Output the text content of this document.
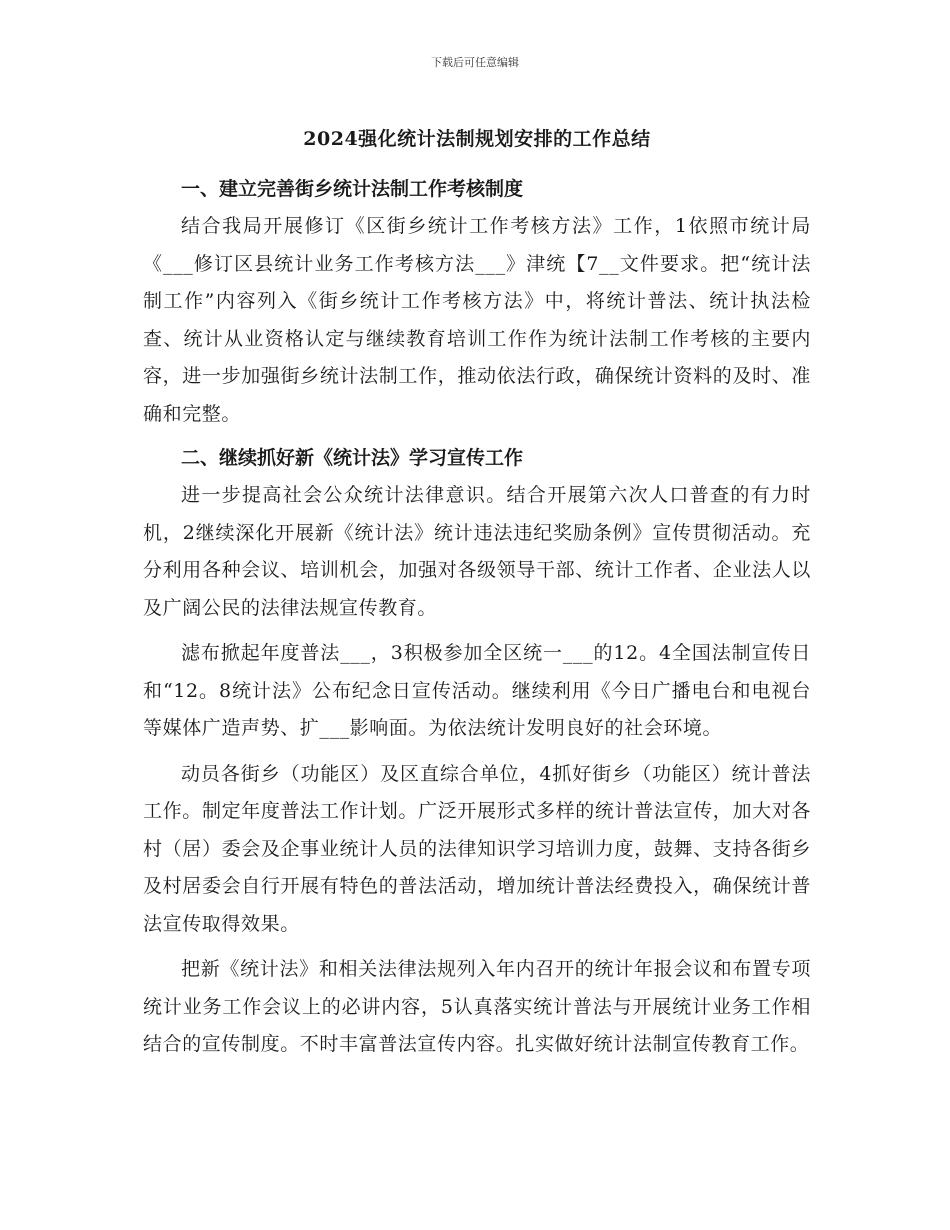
下载后可任意编辑
2024强化统计法制规划安排的工作总结
一、建立完善街乡统计法制工作考核制度

结合我局开展修订《区街乡统计工作考核方法》工作，1依照市统计局《___修订区县统计业务工作考核方法___》津统【7__文件要求。把“统计法制工作”内容列入《街乡统计工作考核方法》中，将统计普法、统计执法检查、统计从业资格认定与继续教育培训工作作为统计法制工作考核的主要内容，进一步加强街乡统计法制工作，推动依法行政，确保统计资料的及时、准确和完整。

二、继续抓好新《统计法》学习宣传工作

进一步提高社会公众统计法律意识。结合开展第六次人口普查的有力时机，2继续深化开展新《统计法》统计违法违纪奖励条例》宣传贯彻活动。充分利用各种会议、培训机会，加强对各级领导干部、统计工作者、企业法人以及广阔公民的法律法规宣传教育。

滤布掀起年度普法___，3积极参加全区统一___的12。4全国法制宣传日和“12。8统计法》公布纪念日宣传活动。继续利用《今日广播电台和电视台等媒体广造声势、扩___影响面。为依法统计发明良好的社会环境。

动员各街乡（功能区）及区直综合单位，4抓好街乡（功能区）统计普法工作。制定年度普法工作计划。广泛开展形式多样的统计普法宣传，加大对各村（居）委会及企事业统计人员的法律知识学习培训力度，鼓舞、支持各街乡及村居委会自行开展有特色的普法活动，增加统计普法经费投入，确保统计普法宣传取得效果。

把新《统计法》和相关法律法规列入年内召开的统计年报会议和布置专项统计业务工作会议上的必讲内容，5认真落实统计普法与开展统计业务工作相结合的宣传制度。不时丰富普法宣传内容。扎实做好统计法制宣传教育工作。
